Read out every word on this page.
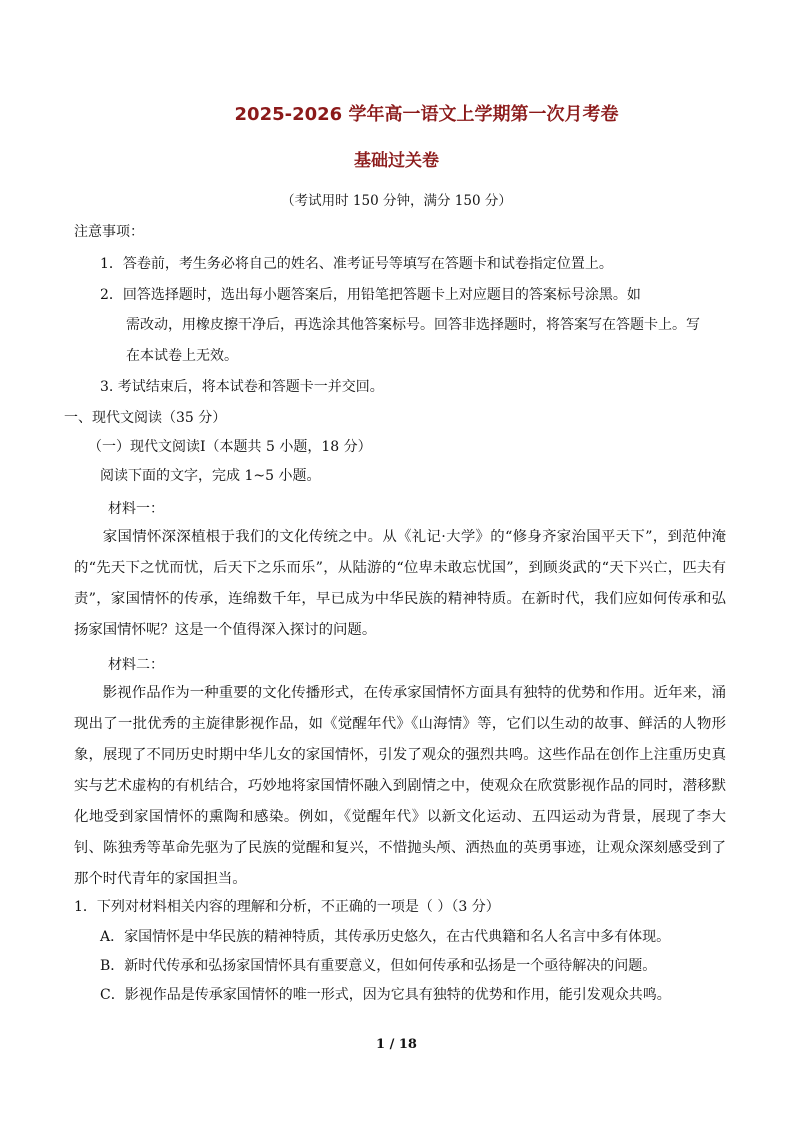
2025-2026 学年高一语文上学期第一次月考卷
基础过关卷
（考试用时 150 分钟，满分 150 分）
注意事项：
1．答卷前，考生务必将自己的姓名、准考证号等填写在答题卡和试卷指定位置上。
2．回答选择题时，选出每小题答案后，用铅笔把答题卡上对应题目的答案标号涂黑。如
需改动，用橡皮擦干净后，再选涂其他答案标号。回答非选择题时，将答案写在答题卡上。写
在本试卷上无效。
3. 考试结束后，将本试卷和答题卡一并交回。
一、现代文阅读（35 分）
（一）现代文阅读Ⅰ（本题共 5 小题，18 分）
阅读下面的文字，完成 1~5 小题。
材料一：
家国情怀深深植根于我们的文化传统之中。从《礼记·大学》的“修身齐家治国平天下”，到范仲淹的“先天下之忧而忧，后天下之乐而乐”，从陆游的“位卑未敢忘忧国”，到顾炎武的“天下兴亡，匹夫有责”，家国情怀的传承，连绵数千年，早已成为中华民族的精神特质。在新时代，我们应如何传承和弘扬家国情怀呢？这是一个值得深入探讨的问题。
材料二：
影视作品作为一种重要的文化传播形式，在传承家国情怀方面具有独特的优势和作用。近年来，涌现出了一批优秀的主旋律影视作品，如《觉醒年代》《山海情》等，它们以生动的故事、鲜活的人物形象，展现了不同历史时期中华儿女的家国情怀，引发了观众的强烈共鸣。这些作品在创作上注重历史真实与艺术虚构的有机结合，巧妙地将家国情怀融入到剧情之中，使观众在欣赏影视作品的同时，潜移默化地受到家国情怀的熏陶和感染。例如，《觉醒年代》以新文化运动、五四运动为背景，展现了李大钊、陈独秀等革命先驱为了民族的觉醒和复兴，不惜抛头颅、洒热血的英勇事迹，让观众深刻感受到了那个时代青年的家国担当。
1．下列对材料相关内容的理解和分析，不正确的一项是（ ）（3 分）
A．家国情怀是中华民族的精神特质，其传承历史悠久，在古代典籍和名人名言中多有体现。
B．新时代传承和弘扬家国情怀具有重要意义，但如何传承和弘扬是一个亟待解决的问题。
C．影视作品是传承家国情怀的唯一形式，因为它具有独特的优势和作用，能引发观众共鸣。
1 / 18
